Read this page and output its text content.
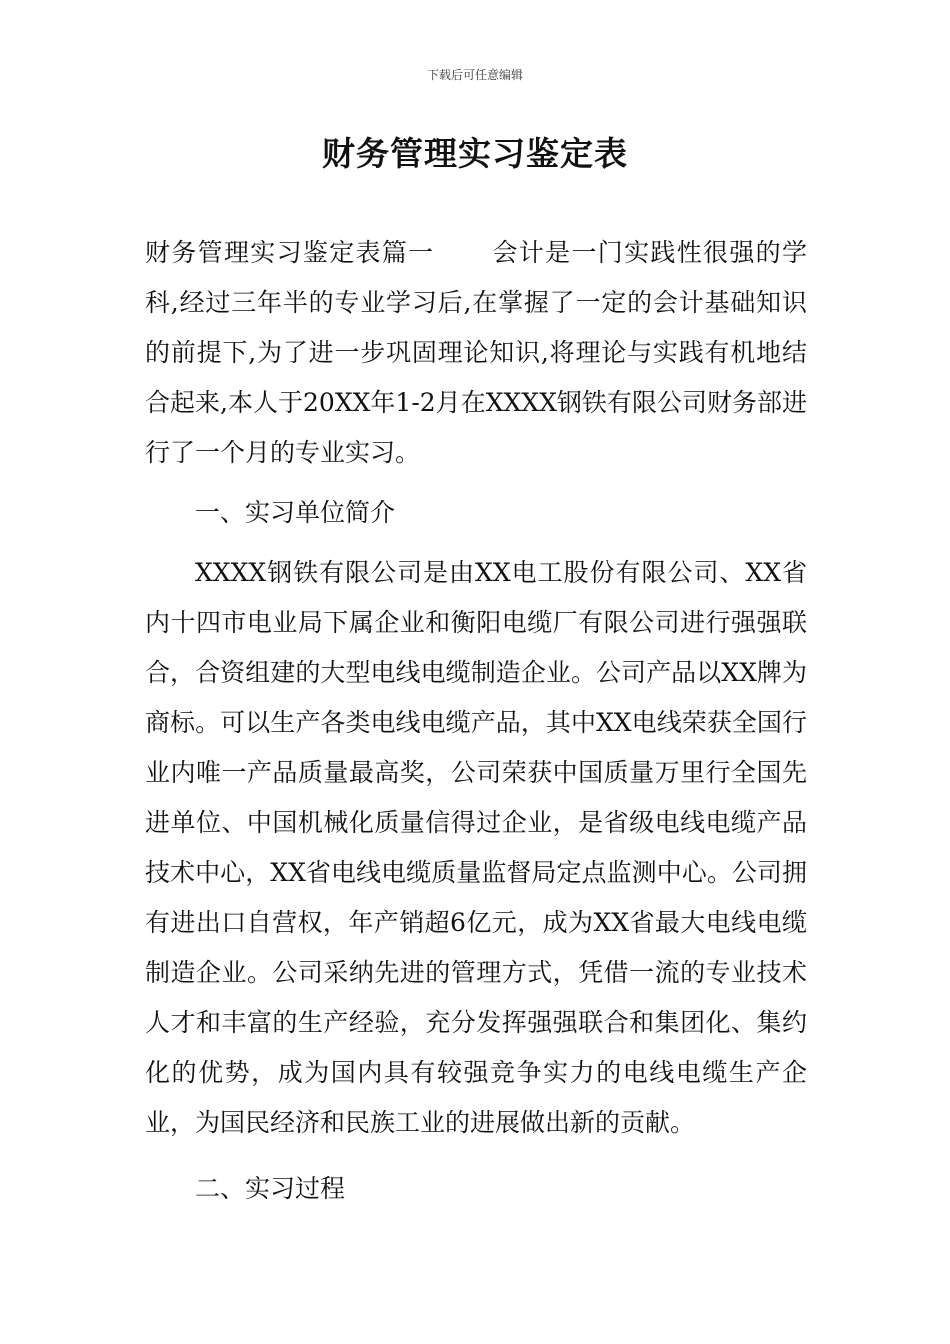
下载后可任意编辑
财务管理实习鉴定表

财务管理实习鉴定表篇一 会计是一门实践性很强的学科,经过三年半的专业学习后,在掌握了一定的会计基础知识的前提下,为了进一步巩固理论知识,将理论与实践有机地结合起来,本人于20XX年1-2月在XXXX钢铁有限公司财务部进行了一个月的专业实习。

一、实习单位简介

XXXX钢铁有限公司是由XX电工股份有限公司、XX省内十四市电业局下属企业和衡阳电缆厂有限公司进行强强联合，合资组建的大型电线电缆制造企业。公司产品以XX牌为商标。可以生产各类电线电缆产品，其中XX电线荣获全国行业内唯一产品质量最高奖，公司荣获中国质量万里行全国先进单位、中国机械化质量信得过企业，是省级电线电缆产品技术中心，XX省电线电缆质量监督局定点监测中心。公司拥有进出口自营权，年产销超6亿元，成为XX省最大电线电缆制造企业。公司采纳先进的管理方式，凭借一流的专业技术人才和丰富的生产经验，充分发挥强强联合和集团化、集约化的优势，成为国内具有较强竞争实力的电线电缆生产企业，为国民经济和民族工业的进展做出新的贡献。

二、实习过程
